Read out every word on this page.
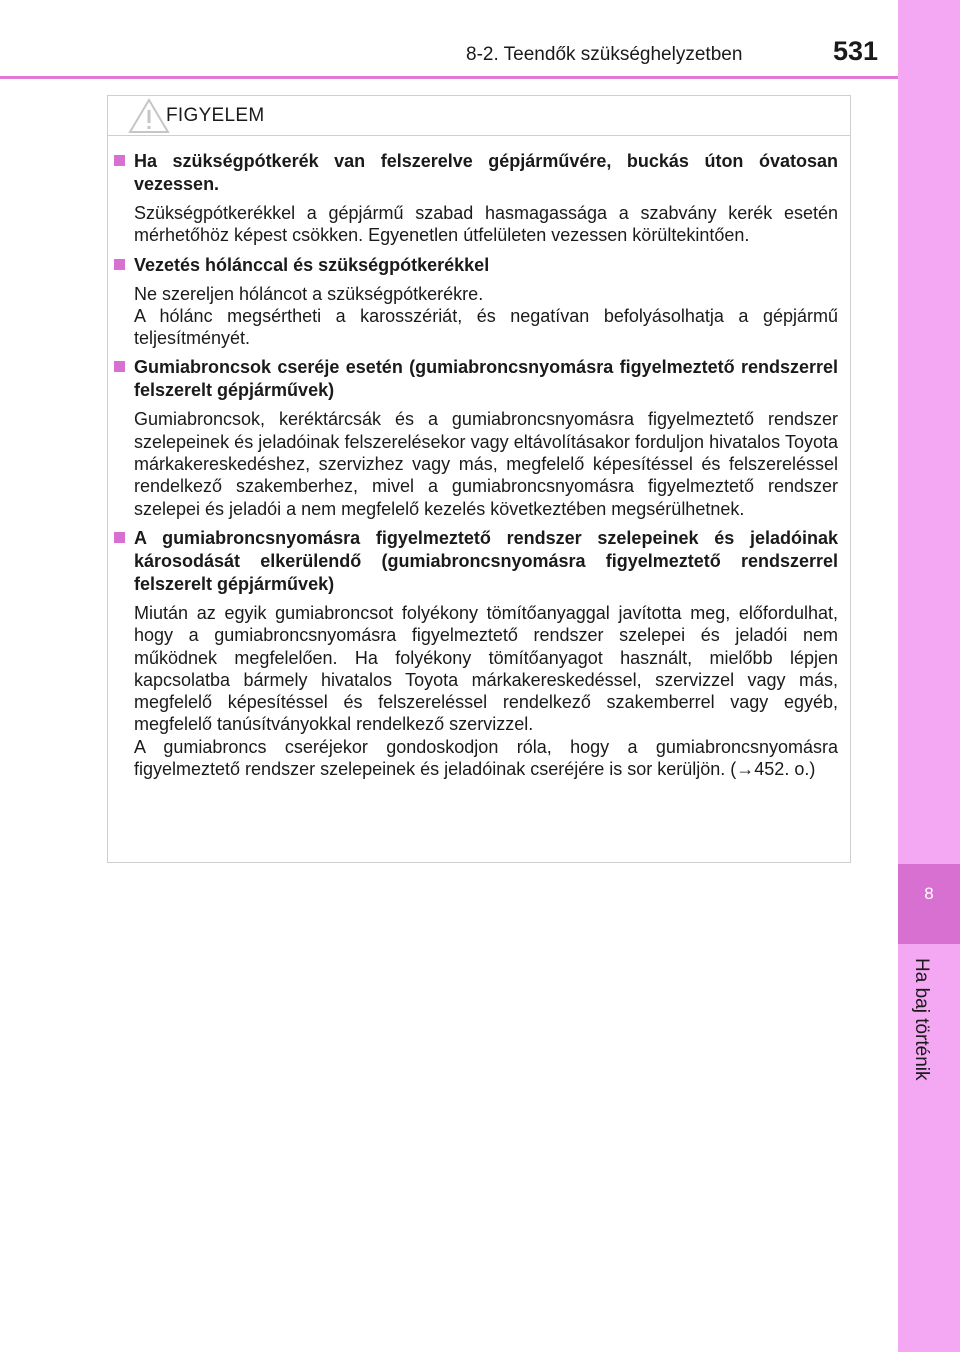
8-2. Teendők szükséghelyzetben	531
8
Ha baj történik
FIGYELEM
Ha szükségpótkerék van felszerelve gépjárművére, buckás úton óvatosan vezessen.

Szükségpótkerékkel a gépjármű szabad hasmagassága a szabvány kerék esetén mérhetőhöz képest csökken. Egyenetlen útfelületen vezessen körültekintően.

Vezetés hólánccal és szükségpótkerékkel

Ne szereljen hóláncot a szükségpótkerékre.

A hólánc megsértheti a karosszériát, és negatívan befolyásolhatja a gépjármű teljesítményét.

Gumiabroncsok cseréje esetén (gumiabroncsnyomásra figyelmeztető rendszerrel felszerelt gépjárművek)

Gumiabroncsok, keréktárcsák és a gumiabroncsnyomásra figyelmeztető rendszer szelepeinek és jeladóinak felszerelésekor vagy eltávolításakor forduljon hivatalos Toyota márkakereskedéshez, szervizhez vagy más, megfelelő képesítéssel és felszereléssel rendelkező szakemberhez, mivel a gumiabroncsnyomásra figyelmeztető rendszer szelepei és jeladói a nem megfelelő kezelés következtében megsérülhetnek.

A gumiabroncsnyomásra figyelmeztető rendszer szelepeinek és jeladóinak károsodását elkerülendő (gumiabroncsnyomásra figyelmeztető rendszerrel felszerelt gépjárművek)

Miután az egyik gumiabroncsot folyékony tömítőanyaggal javította meg, előfordulhat, hogy a gumiabroncsnyomásra figyelmeztető rendszer szelepei és jeladói nem működnek megfelelően. Ha folyékony tömítőanyagot használt, mielőbb lépjen kapcsolatba bármely hivatalos Toyota márkakereskedéssel, szervizzel vagy más, megfelelő képesítéssel és felszereléssel rendelkező szakemberrel vagy egyéb, megfelelő tanúsítványokkal rendelkező szervizzel.

A gumiabroncs cseréjekor gondoskodjon róla, hogy a gumiabroncsnyomásra figyelmeztető rendszer szelepeinek és jeladóinak cseréjére is sor kerüljön. (→452. o.)
